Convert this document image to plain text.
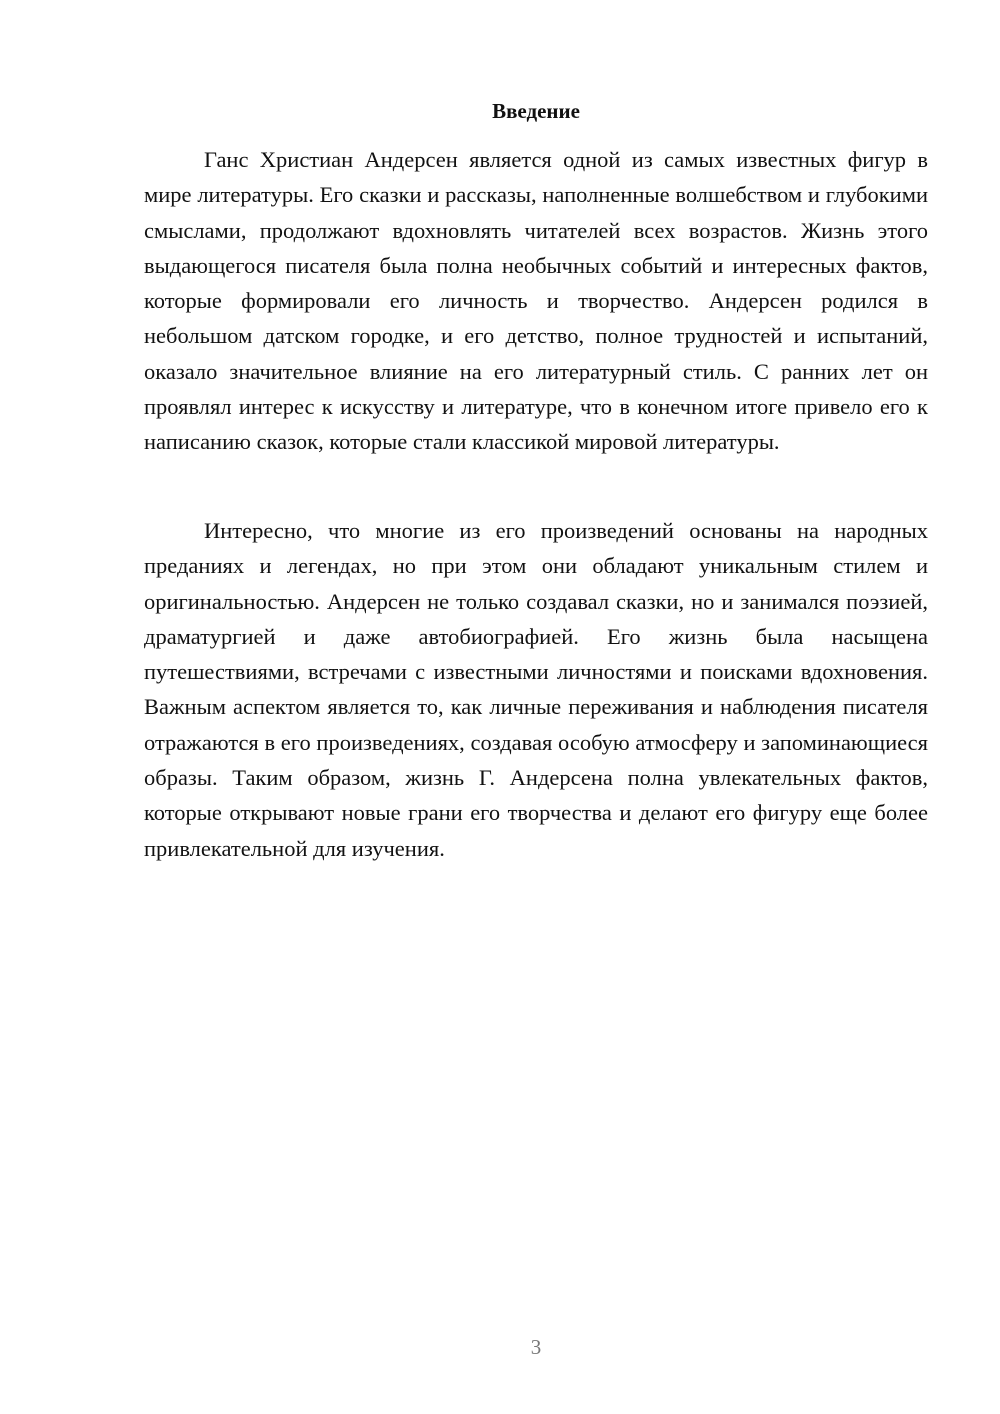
Введение

Ганс Христиан Андерсен является одной из самых известных фигур в мире литературы. Его сказки и рассказы, наполненные волшебством и глубокими смыслами, продолжают вдохновлять читателей всех возрастов. Жизнь этого выдающегося писателя была полна необычных событий и интересных фактов, которые формировали его личность и творчество. Андерсен родился в небольшом датском городке, и его детство, полное трудностей и испытаний, оказало значительное влияние на его литературный стиль. С ранних лет он проявлял интерес к искусству и литературе, что в конечном итоге привело его к написанию сказок, которые стали классикой мировой литературы.

Интересно, что многие из его произведений основаны на народных преданиях и легендах, но при этом они обладают уникальным стилем и оригинальностью. Андерсен не только создавал сказки, но и занимался поэзией, драматургией и даже автобиографией. Его жизнь была насыщена путешествиями, встречами с известными личностями и поисками вдохновения. Важным аспектом является то, как личные переживания и наблюдения писателя отражаются в его произведениях, создавая особую атмосферу и запоминающиеся образы. Таким образом, жизнь Г. Андерсена полна увлекательных фактов, которые открывают новые грани его творчества и делают его фигуру еще более привлекательной для изучения.

3
